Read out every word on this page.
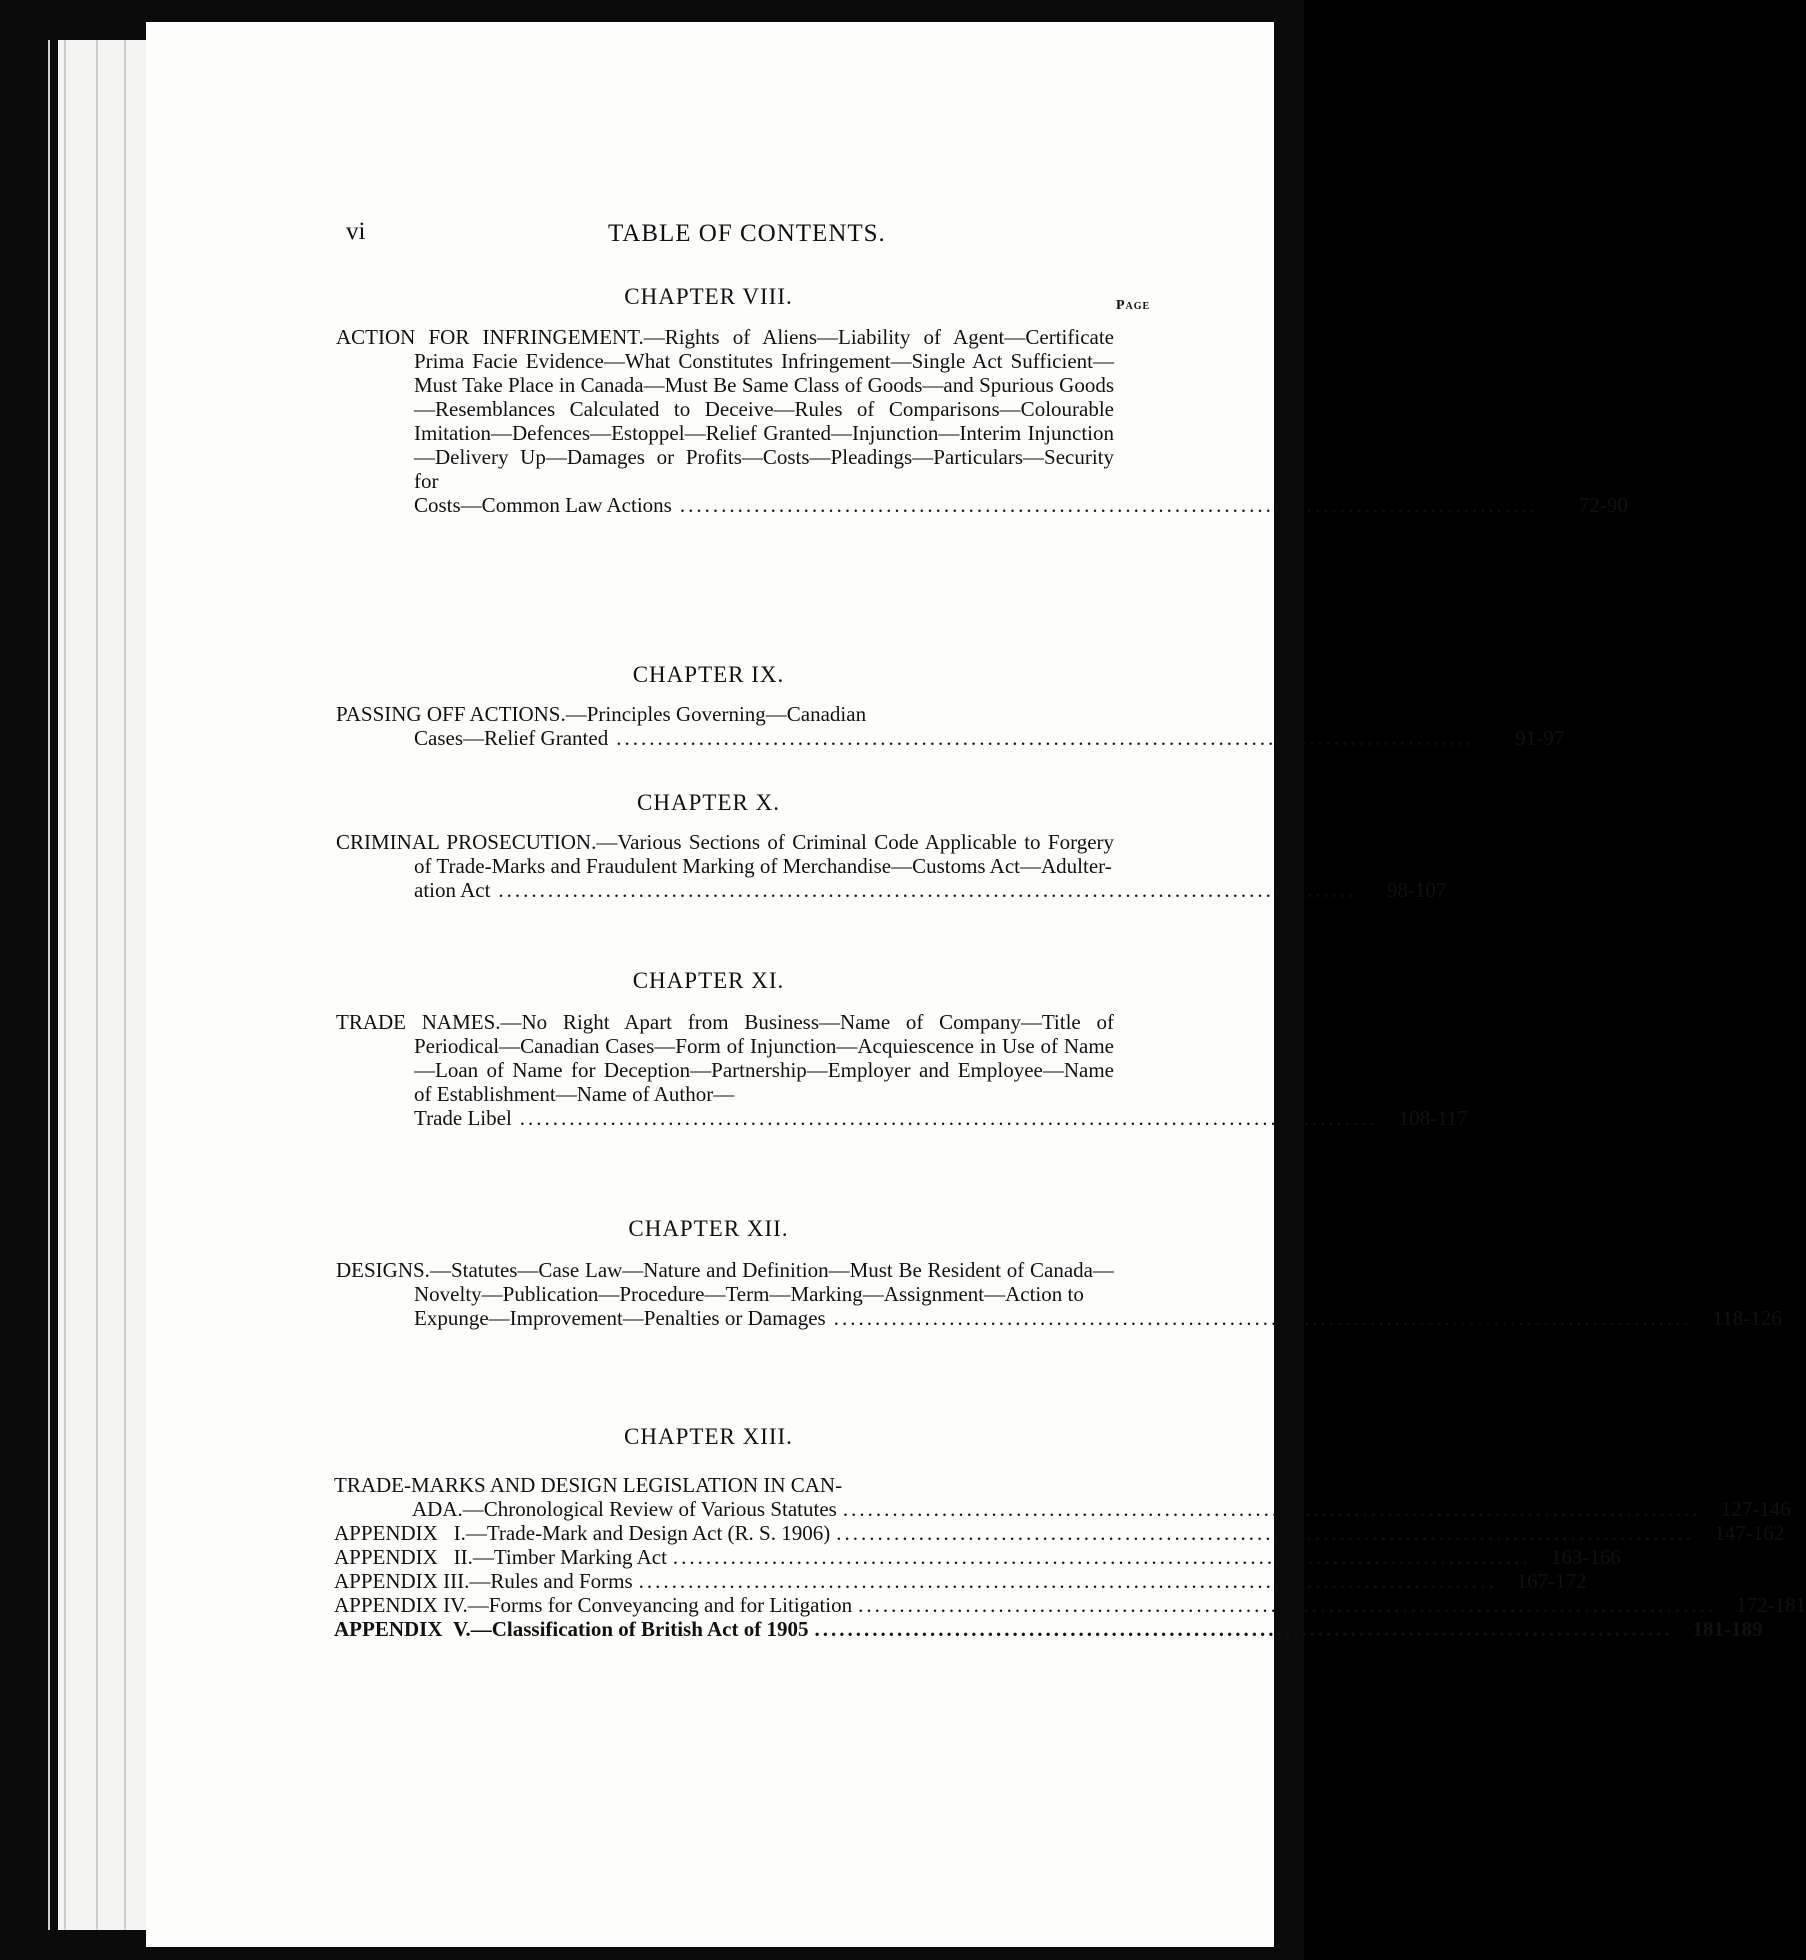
vi	TABLE OF CONTENTS.
Page
CHAPTER VIII.
ACTION FOR INFRINGEMENT.—Rights of Aliens—Liability of Agent—Certificate Prima Facie Evidence—What Constitutes Infringement—Single Act Sufficient—Must Take Place in Canada—Must Be Same Class of Goods—and Spurious Goods—Resemblances Calculated to Deceive—Rules of Comparisons—Colourable Imitation—Defences—Estoppel—Relief Granted—Injunction—Interim Injunction—Delivery Up—Damages or Profits—Costs—Pleadings—Particulars—Security for
Costs—Common Law Actions ........................................................................................................	72-90
CHAPTER IX.
PASSING OFF ACTIONS.—Principles Governing—Canadian
Cases—Relief Granted ........................................................................................................	91-97
CHAPTER X.
CRIMINAL PROSECUTION.—Various Sections of Criminal Code Applicable to Forgery of Trade-Marks and Fraudulent Marking of Merchandise—Customs Act—Adulter-
ation Act ........................................................................................................	98-107
CHAPTER XI.
TRADE NAMES.—No Right Apart from Business—Name of Company—Title of Periodical—Canadian Cases—Form of Injunction—Acquiescence in Use of Name—Loan of Name for Deception—Partnership—Employer and Employee—Name of Establishment—Name of Author—
Trade Libel ........................................................................................................ 108-117
CHAPTER XII.
DESIGNS.—Statutes—Case Law—Nature and Definition—Must Be Resident of Canada—Novelty—Publication—Procedure—Term—Marking—Assignment—Action to
Expunge—Improvement—Penalties or Damages ........................................................................................................ 118-126
CHAPTER XIII.
TRADE-MARKS AND DESIGN LEGISLATION IN CAN-
ADA.—Chronological Review of Various Statutes ........................................................................................................ 127-146
APPENDIX I.—Trade-Mark and Design Act (R. S. 1906) ........................................................................................................ 147-162
APPENDIX II.—Timber Marking Act ........................................................................................................ 163-166
APPENDIX III.—Rules and Forms ........................................................................................................ 167-172
APPENDIX IV.—Forms for Conveyancing and for Litigation ........................................................................................................ 172-181
APPENDIX V.—Classification of British Act of 1905 ........................................................................................................ 181-189
